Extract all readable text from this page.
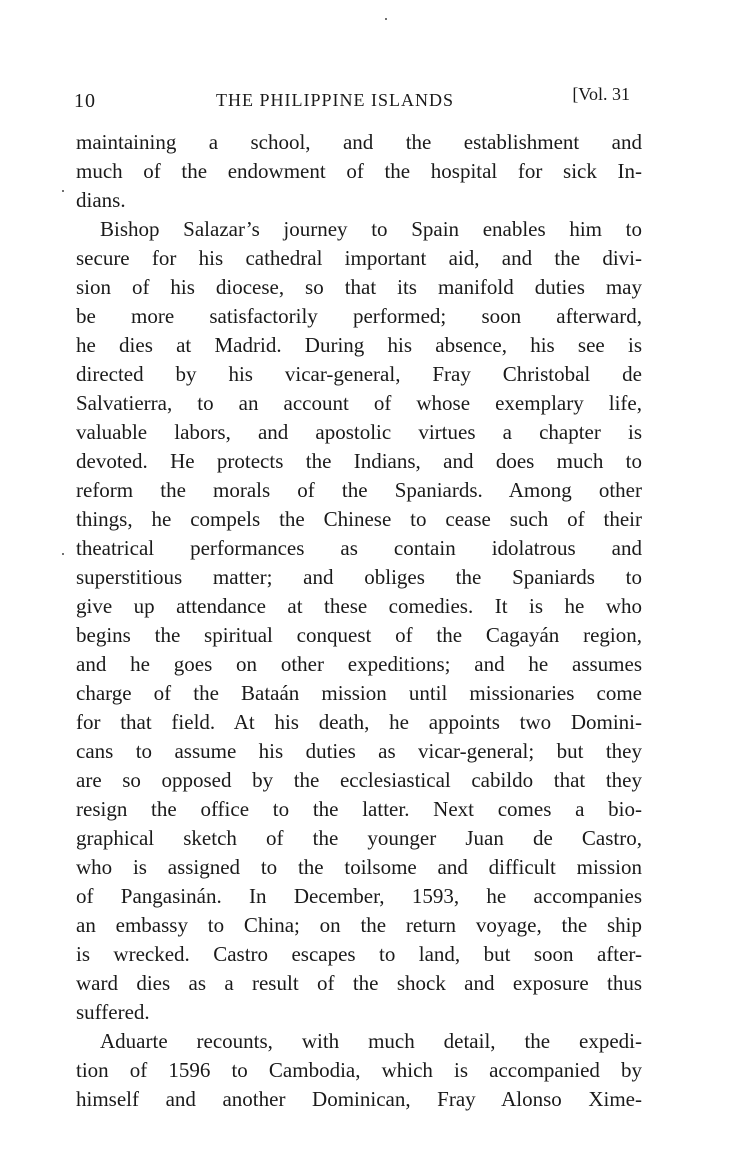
10	THE PHILIPPINE ISLANDS	[Vol. 31
maintaining a school, and the establishment and
much of the endowment of the hospital for sick In-
dians.
Bishop Salazar’s journey to Spain enables him to
secure for his cathedral important aid, and the divi-
sion of his diocese, so that its manifold duties may
be more satisfactorily performed; soon afterward,
he dies at Madrid. During his absence, his see is
directed by his vicar-general, Fray Christobal de
Salvatierra, to an account of whose exemplary life,
valuable labors, and apostolic virtues a chapter is
devoted. He protects the Indians, and does much to
reform the morals of the Spaniards. Among other
things, he compels the Chinese to cease such of their
theatrical performances as contain idolatrous and
superstitious matter; and obliges the Spaniards to
give up attendance at these comedies. It is he who
begins the spiritual conquest of the Cagayán region,
and he goes on other expeditions; and he assumes
charge of the Bataán mission until missionaries come
for that field. At his death, he appoints two Domini-
cans to assume his duties as vicar-general; but they
are so opposed by the ecclesiastical cabildo that they
resign the office to the latter. Next comes a bio-
graphical sketch of the younger Juan de Castro,
who is assigned to the toilsome and difficult mission
of Pangasinán. In December, 1593, he accompanies
an embassy to China; on the return voyage, the ship
is wrecked. Castro escapes to land, but soon after-
ward dies as a result of the shock and exposure thus
suffered.
Aduarte recounts, with much detail, the expedi-
tion of 1596 to Cambodia, which is accompanied by
himself and another Dominican, Fray Alonso Xime-
